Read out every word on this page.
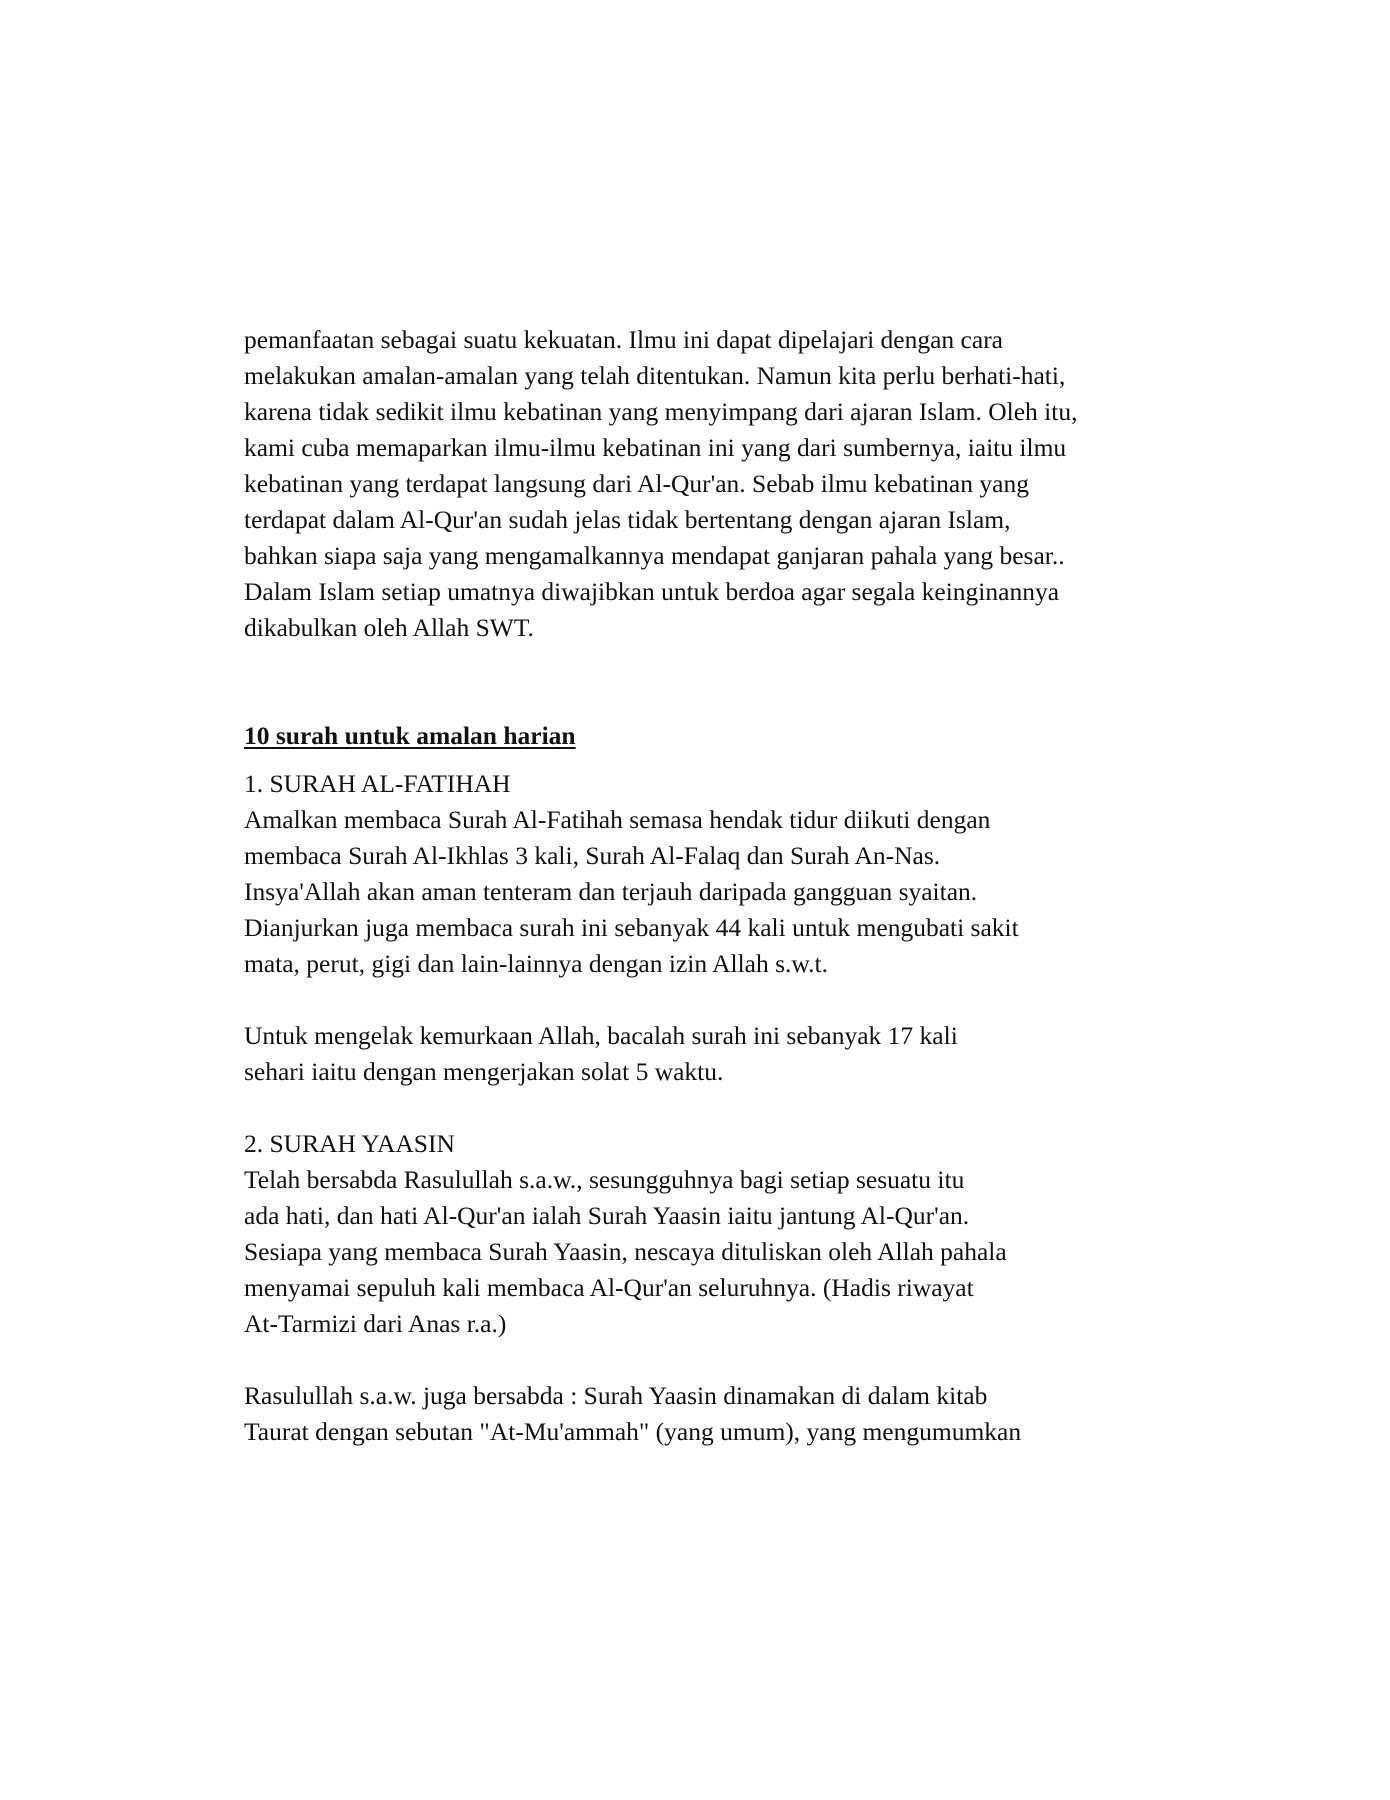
pemanfaatan sebagai suatu kekuatan. Ilmu ini dapat dipelajari dengan cara
melakukan amalan-amalan yang telah ditentukan. Namun kita perlu berhati-hati,
karena tidak sedikit ilmu kebatinan yang menyimpang dari ajaran Islam. Oleh itu,
kami cuba memaparkan ilmu-ilmu kebatinan ini yang dari sumbernya, iaitu ilmu
kebatinan yang terdapat langsung dari Al-Qur'an. Sebab ilmu kebatinan yang
terdapat dalam Al-Qur'an sudah jelas tidak bertentang dengan ajaran Islam,
bahkan siapa saja yang mengamalkannya mendapat ganjaran pahala yang besar..
Dalam Islam setiap umatnya diwajibkan untuk berdoa agar segala keinginannya
dikabulkan oleh Allah SWT.

10 surah untuk amalan harian
1. SURAH AL-FATIHAH

Amalkan membaca Surah Al-Fatihah semasa hendak tidur diikuti dengan
membaca Surah Al-Ikhlas 3 kali, Surah Al-Falaq dan Surah An-Nas.
Insya'Allah akan aman tenteram dan terjauh daripada gangguan syaitan.
Dianjurkan juga membaca surah ini sebanyak 44 kali untuk mengubati sakit
mata, perut, gigi dan lain-lainnya dengan izin Allah s.w.t.

Untuk mengelak kemurkaan Allah, bacalah surah ini sebanyak 17 kali
sehari iaitu dengan mengerjakan solat 5 waktu.

2. SURAH YAASIN

Telah bersabda Rasulullah s.a.w., sesungguhnya bagi setiap sesuatu itu
ada hati, dan hati Al-Qur'an ialah Surah Yaasin iaitu jantung Al-Qur'an.
Sesiapa yang membaca Surah Yaasin, nescaya dituliskan oleh Allah pahala
menyamai sepuluh kali membaca Al-Qur'an seluruhnya. (Hadis riwayat
At-Tarmizi dari Anas r.a.)

Rasulullah s.a.w. juga bersabda : Surah Yaasin dinamakan di dalam kitab
Taurat dengan sebutan "At-Mu'ammah" (yang umum), yang mengumumkan
